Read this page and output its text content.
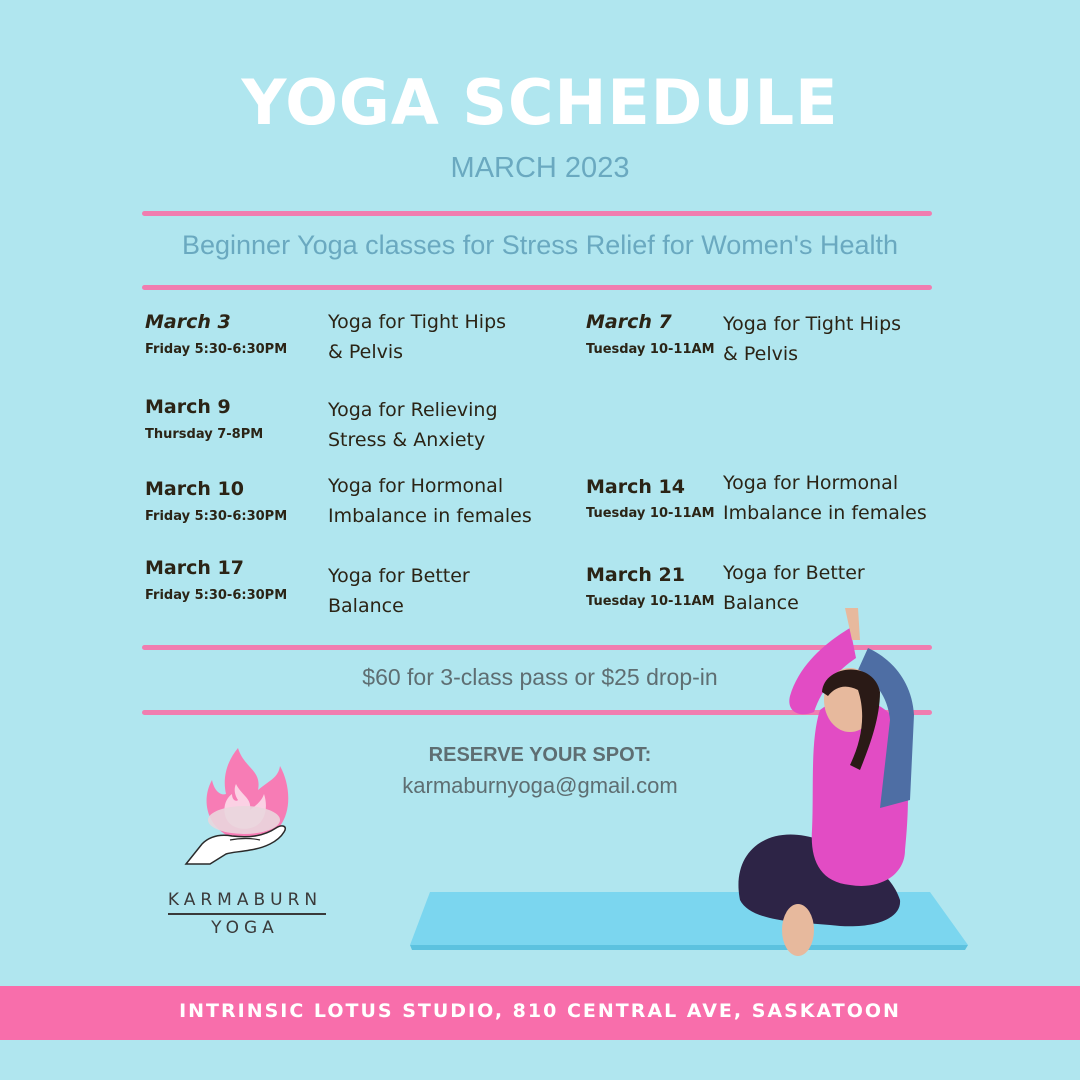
YOGA SCHEDULE
MARCH 2023
Beginner Yoga classes for Stress Relief for Women's Health
March 3
Friday 5:30-6:30PM
Yoga for Tight Hips
& Pelvis
March 7
Tuesday 10-11AM
Yoga for Tight Hips
& Pelvis
March 9
Thursday 7-8PM
Yoga for Relieving
Stress & Anxiety
March 10
Friday 5:30-6:30PM
Yoga for Hormonal
Imbalance in females
March 14
Tuesday 10-11AM
Yoga for Hormonal
Imbalance in females
March 17
Friday 5:30-6:30PM
Yoga for Better
Balance
March 21
Tuesday 10-11AM
Yoga for Better
Balance
$60 for 3-class pass or $25 drop-in
RESERVE YOUR SPOT:
karmaburnyoga@gmail.com
KARMABURN
YOGA
INTRINSIC LOTUS STUDIO, 810 CENTRAL AVE, SASKATOON
